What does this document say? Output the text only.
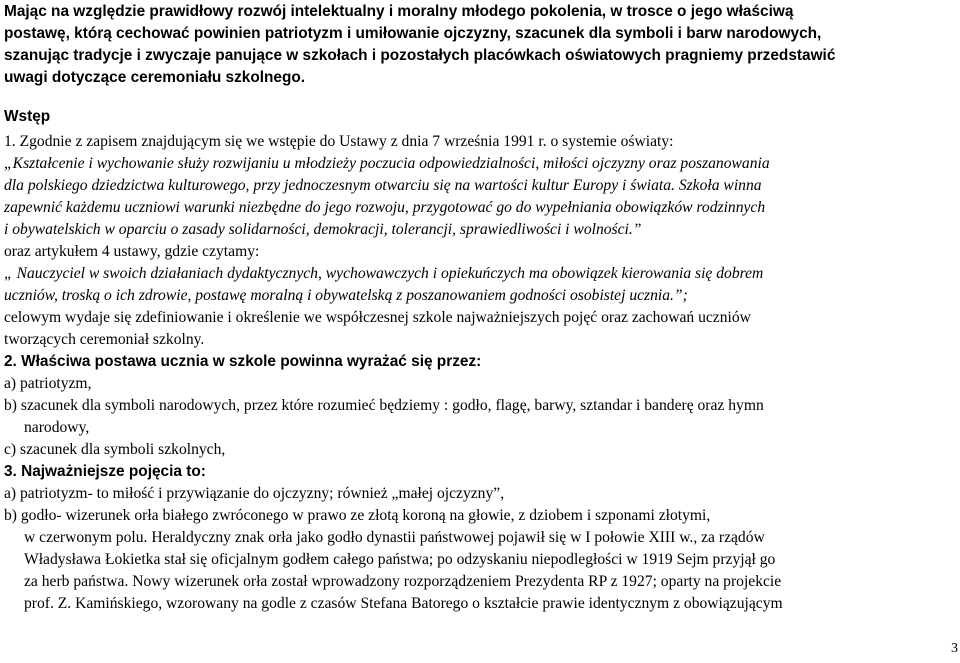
Mając na względzie prawidłowy rozwój intelektualny i moralny młodego pokolenia, w trosce o jego właściwą
postawę, którą cechować powinien patriotyzm i umiłowanie ojczyzny, szacunek dla symboli i barw narodowych,
szanując tradycje i zwyczaje panujące w szkołach i pozostałych placówkach oświatowych pragniemy przedstawić
uwagi dotyczące ceremoniału szkolnego.
Wstęp
1. Zgodnie z zapisem znajdującym się we wstępie do Ustawy z dnia 7 września 1991 r. o systemie oświaty:
„Kształcenie i wychowanie służy rozwijaniu u młodzieży poczucia odpowiedzialności, miłości ojczyzny oraz poszanowania
dla polskiego dziedzictwa kulturowego, przy jednoczesnym otwarciu się na wartości kultur Europy i świata. Szkoła winna
zapewnić każdemu uczniowi warunki niezbędne do jego rozwoju, przygotować go do wypełniania obowiązków rodzinnych
i obywatelskich w oparciu o zasady solidarności, demokracji, tolerancji, sprawiedliwości i wolności.”
oraz artykułem 4 ustawy, gdzie czytamy:
„ Nauczyciel w swoich działaniach dydaktycznych, wychowawczych i opiekuńczych ma obowiązek kierowania się dobrem
uczniów, troską o ich zdrowie, postawę moralną i obywatelską z poszanowaniem godności osobistej ucznia.”;
celowym wydaje się zdefiniowanie i określenie we współczesnej szkole najważniejszych pojęć oraz zachowań uczniów
tworzących ceremoniał szkolny.
2. Właściwa postawa ucznia w szkole powinna wyrażać się przez:
a) patriotyzm,
b) szacunek dla symboli narodowych, przez które rozumieć będziemy : godło, flagę, barwy, sztandar i banderę oraz hymn
narodowy,
c) szacunek dla symboli szkolnych,
3. Najważniejsze pojęcia to:
a) patriotyzm- to miłość i przywiązanie do ojczyzny; również „małej ojczyzny”,
b) godło- wizerunek orła białego zwróconego w prawo ze złotą koroną na głowie, z dziobem i szponami złotymi,
w czerwonym polu. Heraldyczny znak orła jako godło dynastii państwowej pojawił się w I połowie XIII w., za rządów
Władysława Łokietka stał się oficjalnym godłem całego państwa; po odzyskaniu niepodległości w 1919 Sejm przyjął go
za herb państwa. Nowy wizerunek orła został wprowadzony rozporządzeniem Prezydenta RP z 1927; oparty na projekcie
prof. Z. Kamińskiego, wzorowany na godle z czasów Stefana Batorego o kształcie prawie identycznym z obowiązującym
3
